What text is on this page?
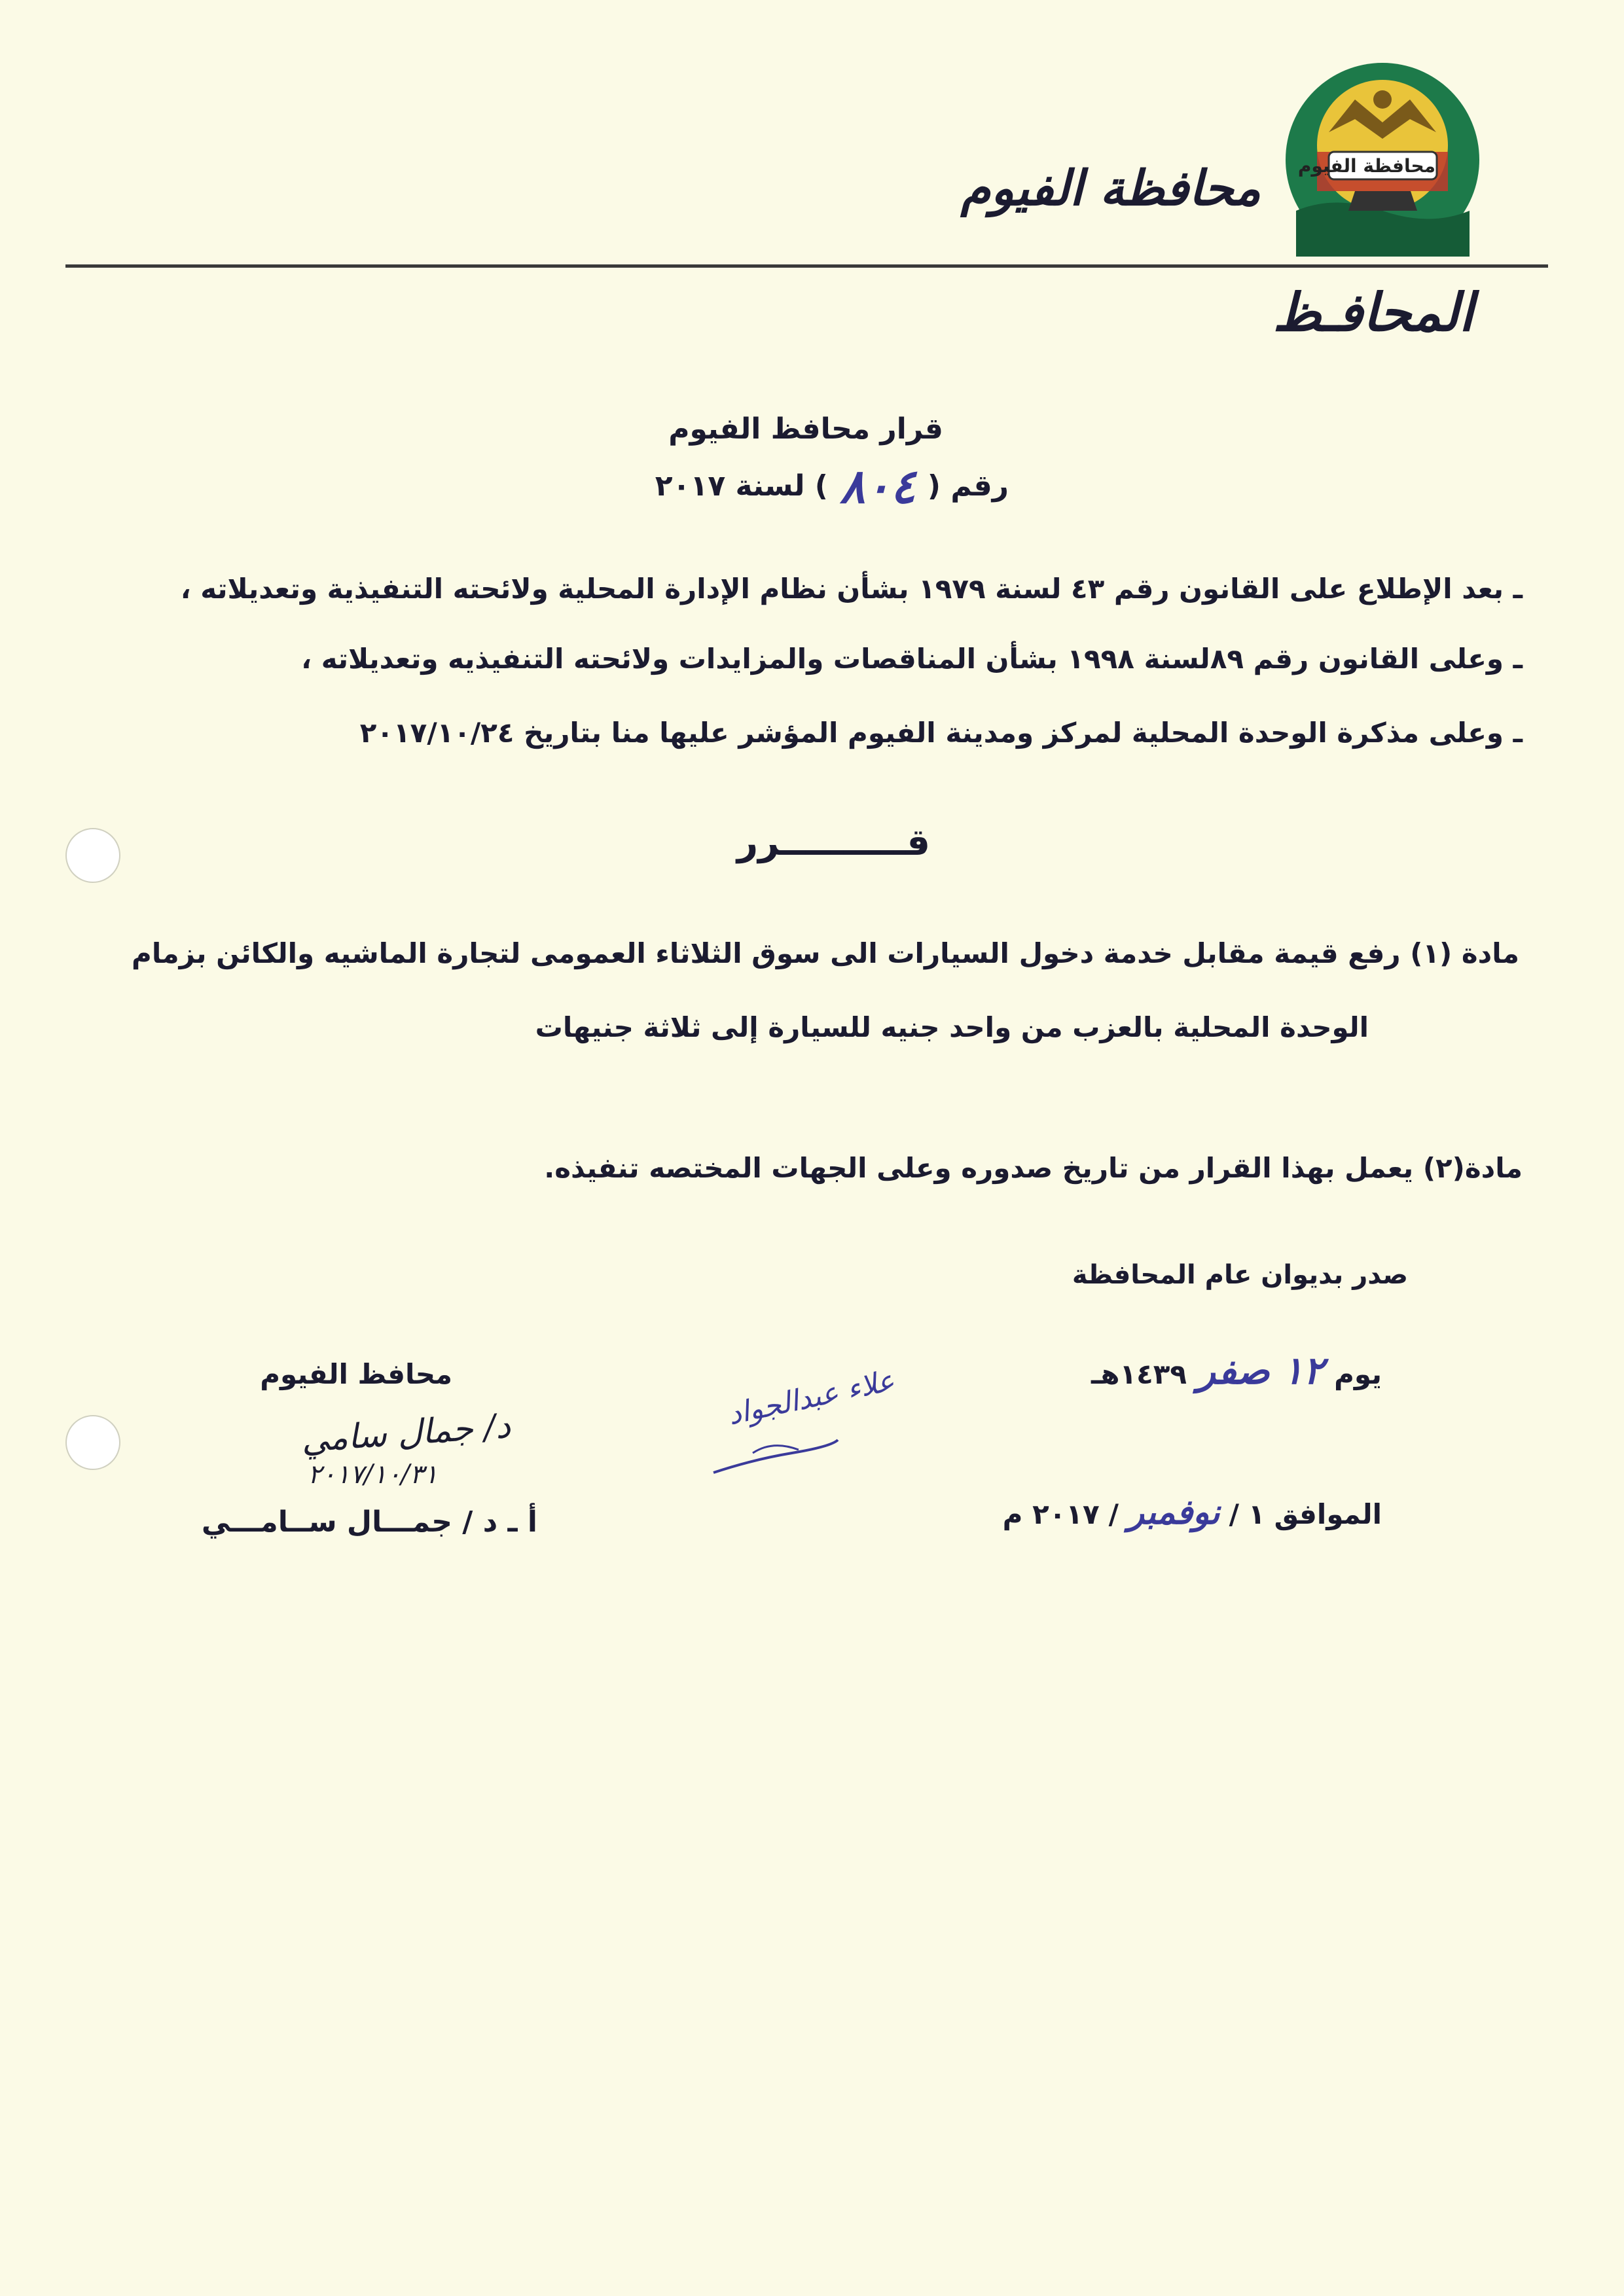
محافظة الفيوم
محافظة الفيوم
المحافـظ
قرار محافظ الفيوم
رقم (
٨٠٤
) لسنة ٢٠١٧
ـ بعد الإطلاع على القانون رقم ٤٣ لسنة ١٩٧٩ بشأن نظام الإدارة المحلية ولائحته التنفيذية وتعديلاته ،
ـ وعلى القانون رقم ٨٩لسنة ١٩٩٨ بشأن المناقصات والمزايدات ولائحته التنفيذيه وتعديلاته ،
ـ وعلى مذكرة الوحدة المحلية لمركز ومدينة الفيوم المؤشر عليها منا بتاريخ ٢٠١٧/١٠/٢٤
قــــــــــرر
مادة (١) رفع قيمة مقابل خدمة دخول السيارات الى سوق الثلاثاء العمومى لتجارة الماشيه والكائن بزمام
الوحدة المحلية بالعزب من واحد جنيه للسيارة إلى ثلاثة جنيهات
مادة(٢) يعمل بهذا القرار من تاريخ صدوره وعلى الجهات المختصه تنفيذه.
صدر بديوان عام المحافظة
يوم
١٢ صفر
١٤٣٩هـ
الموافق
١
/
نوفمبر
/
٢٠١٧ م
علاء عبدالجواد
محافظ الفيوم
د/ جمال سامي
٢٠١٧/١٠/٣١
أ ـ د / جمـــال ســامـــي
